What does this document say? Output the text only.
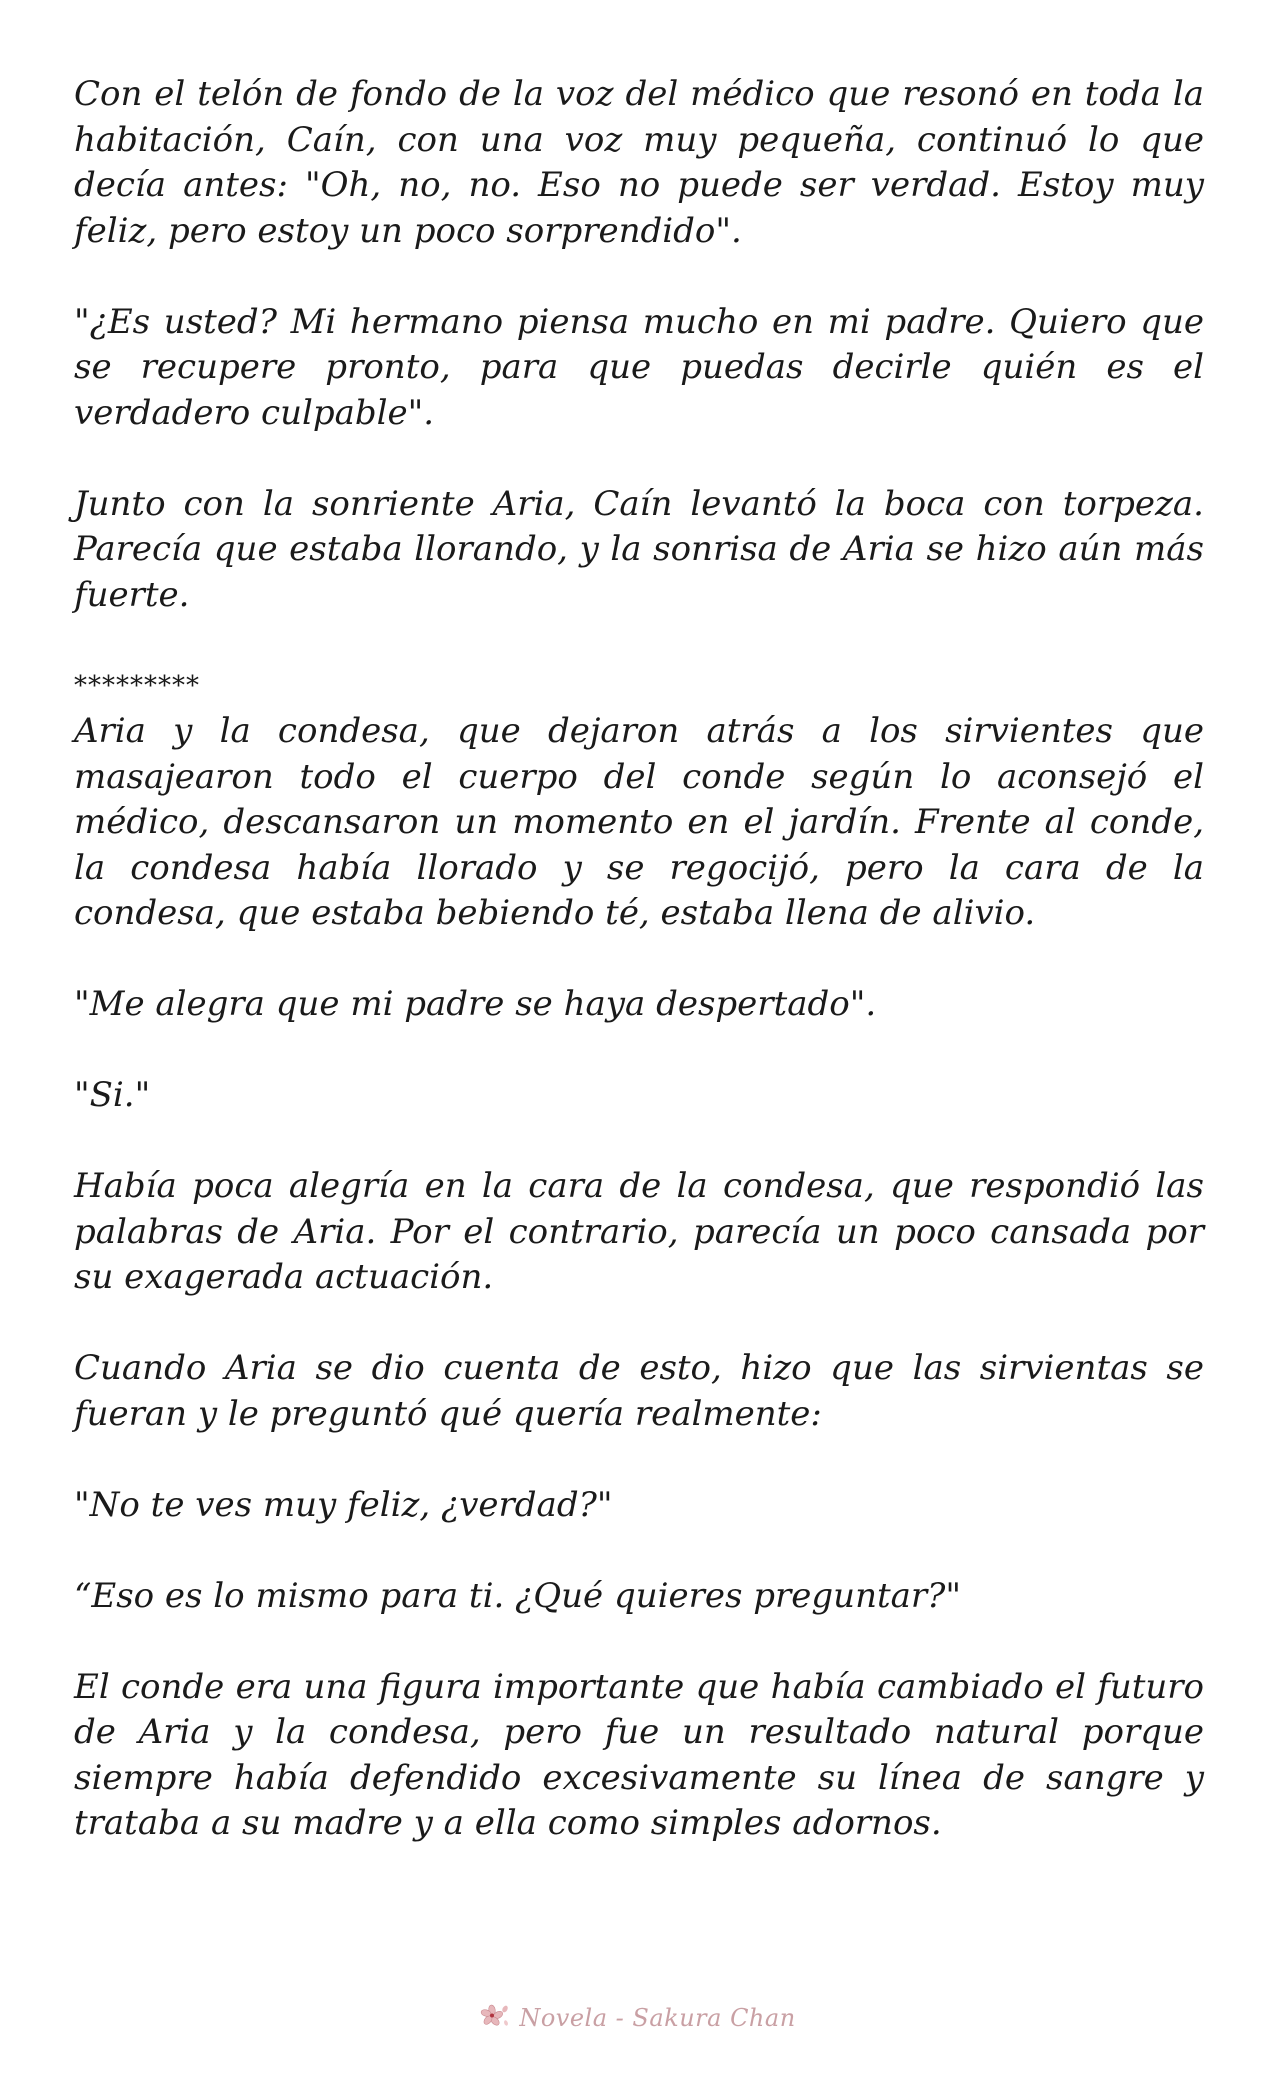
Con el telón de fondo de la voz del médico que resonó en toda la habitación, Caín, con una voz muy pequeña, continuó lo que decía antes: "Oh, no, no. Eso no puede ser verdad. Estoy muy feliz, pero estoy un poco sorprendido".

"¿Es usted? Mi hermano piensa mucho en mi padre. Quiero que se recupere pronto, para que puedas decirle quién es el verdadero culpable".

Junto con la sonriente Aria, Caín levantó la boca con torpeza. Parecía que estaba llorando, y la sonrisa de Aria se hizo aún más fuerte.

*********

Aria y la condesa, que dejaron atrás a los sirvientes que masajearon todo el cuerpo del conde según lo aconsejó el médico, descansaron un momento en el jardín. Frente al conde, la condesa había llorado y se regocijó, pero la cara de la condesa, que estaba bebiendo té, estaba llena de alivio.

"Me alegra que mi padre se haya despertado".

"Si."

Había poca alegría en la cara de la condesa, que respondió las palabras de Aria. Por el contrario, parecía un poco cansada por su exagerada actuación.

Cuando Aria se dio cuenta de esto, hizo que las sirvientas se fueran y le preguntó qué quería realmente:

"No te ves muy feliz, ¿verdad?"

“Eso es lo mismo para ti. ¿Qué quieres preguntar?"

El conde era una figura importante que había cambiado el futuro de Aria y la condesa, pero fue un resultado natural porque siempre había defendido excesivamente su línea de sangre y trataba a su madre y a ella como simples adornos.

Novela - Sakura Chan
